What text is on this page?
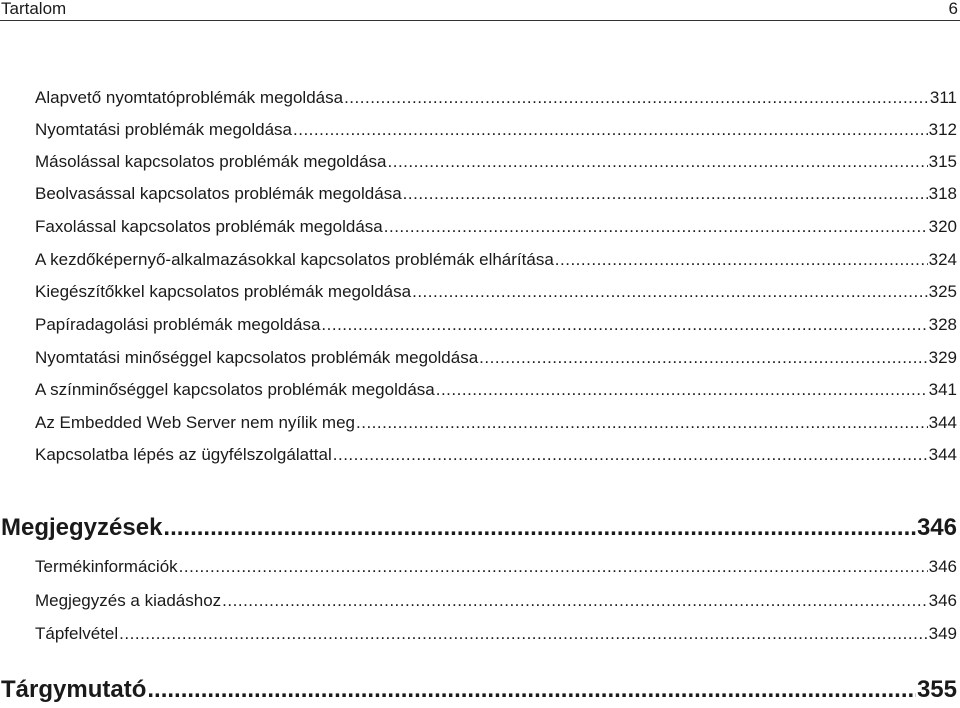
Tartalom	6
Alapvető nyomtatóproblémák megoldása .....	311
Nyomtatási problémák megoldása .....	312
Másolással kapcsolatos problémák megoldása .....	315
Beolvasással kapcsolatos problémák megoldása .....	318
Faxolással kapcsolatos problémák megoldása .....	320
A kezdőképernyő-alkalmazásokkal kapcsolatos problémák elhárítása .....	324
Kiegészítőkkel kapcsolatos problémák megoldása .....	325
Papíradagolási problémák megoldása .....	328
Nyomtatási minőséggel kapcsolatos problémák megoldása .....	329
A színminőséggel kapcsolatos problémák megoldása .....	341
Az Embedded Web Server nem nyílik meg .....	344
Kapcsolatba lépés az ügyfélszolgálattal .....	344
Megjegyzések .....	346
Termékinformációk .....	346
Megjegyzés a kiadáshoz .....	346
Tápfelvétel .....	349
Tárgymutató .....	355
